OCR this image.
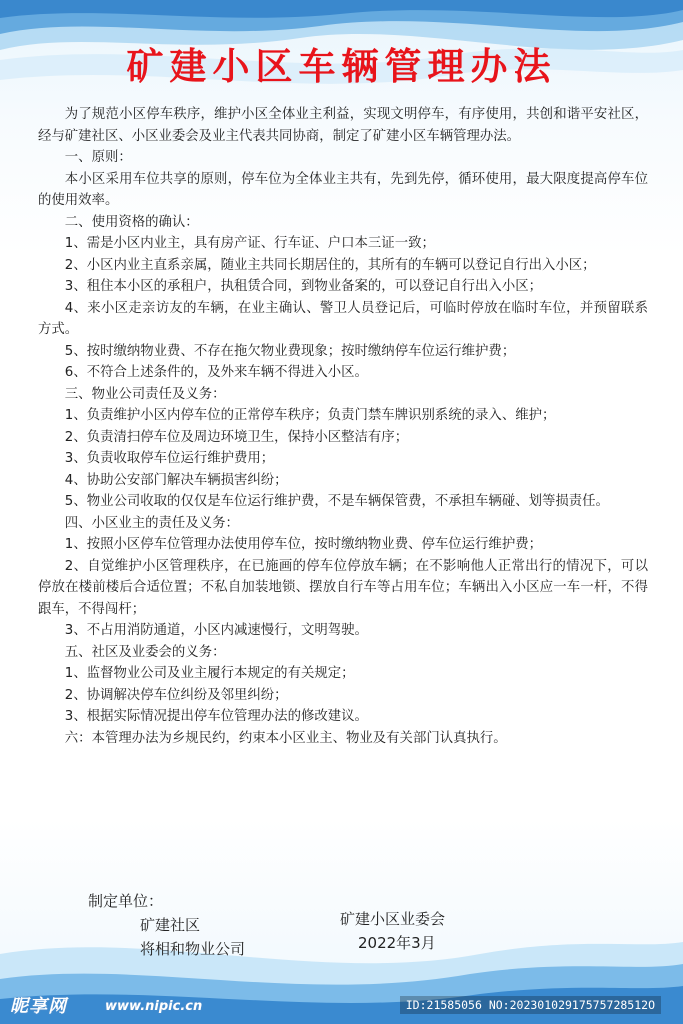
矿建小区车辆管理办法

为了规范小区停车秩序，维护小区全体业主利益，实现文明停车，有序使用，共创和谐平安社区，经与矿建社区、小区业委会及业主代表共同协商，制定了矿建小区车辆管理办法。

一、原则：

本小区采用车位共享的原则，停车位为全体业主共有，先到先停，循环使用，最大限度提高停车位的使用效率。

二、使用资格的确认：

1、需是小区内业主，具有房产证、行车证、户口本三证一致；

2、小区内业主直系亲属，随业主共同长期居住的，其所有的车辆可以登记自行出入小区；

3、租住本小区的承租户，执租赁合同，到物业备案的，可以登记自行出入小区；

4、来小区走亲访友的车辆，在业主确认、警卫人员登记后，可临时停放在临时车位，并预留联系方式。

5、按时缴纳物业费、不存在拖欠物业费现象；按时缴纳停车位运行维护费；

6、不符合上述条件的，及外来车辆不得进入小区。

三、物业公司责任及义务：

1、负责维护小区内停车位的正常停车秩序；负责门禁车牌识别系统的录入、维护；

2、负责清扫停车位及周边环境卫生，保持小区整洁有序；

3、负责收取停车位运行维护费用；

4、协助公安部门解决车辆损害纠纷；

5、物业公司收取的仅仅是车位运行维护费，不是车辆保管费，不承担车辆碰、划等损责任。

四、小区业主的责任及义务：

1、按照小区停车位管理办法使用停车位，按时缴纳物业费、停车位运行维护费；

2、自觉维护小区管理秩序，在已施画的停车位停放车辆；在不影响他人正常出行的情况下，可以停放在楼前楼后合适位置；不私自加装地锁、摆放自行车等占用车位；车辆出入小区应一车一杆，不得跟车，不得闯杆；

3、不占用消防通道，小区内减速慢行，文明驾驶。

五、社区及业委会的义务：

1、监督物业公司及业主履行本规定的有关规定；

2、协调解决停车位纠纷及邻里纠纷；

3、根据实际情况提出停车位管理办法的修改建议。

六：本管理办法为乡规民约，约束本小区业主、物业及有关部门认真执行。

制定单位：
矿建社区
将相和物业公司
矿建小区业委会
2022年3月
昵享网	www.nipic.cn	ID:21585056 NO:20230102917575728512O
